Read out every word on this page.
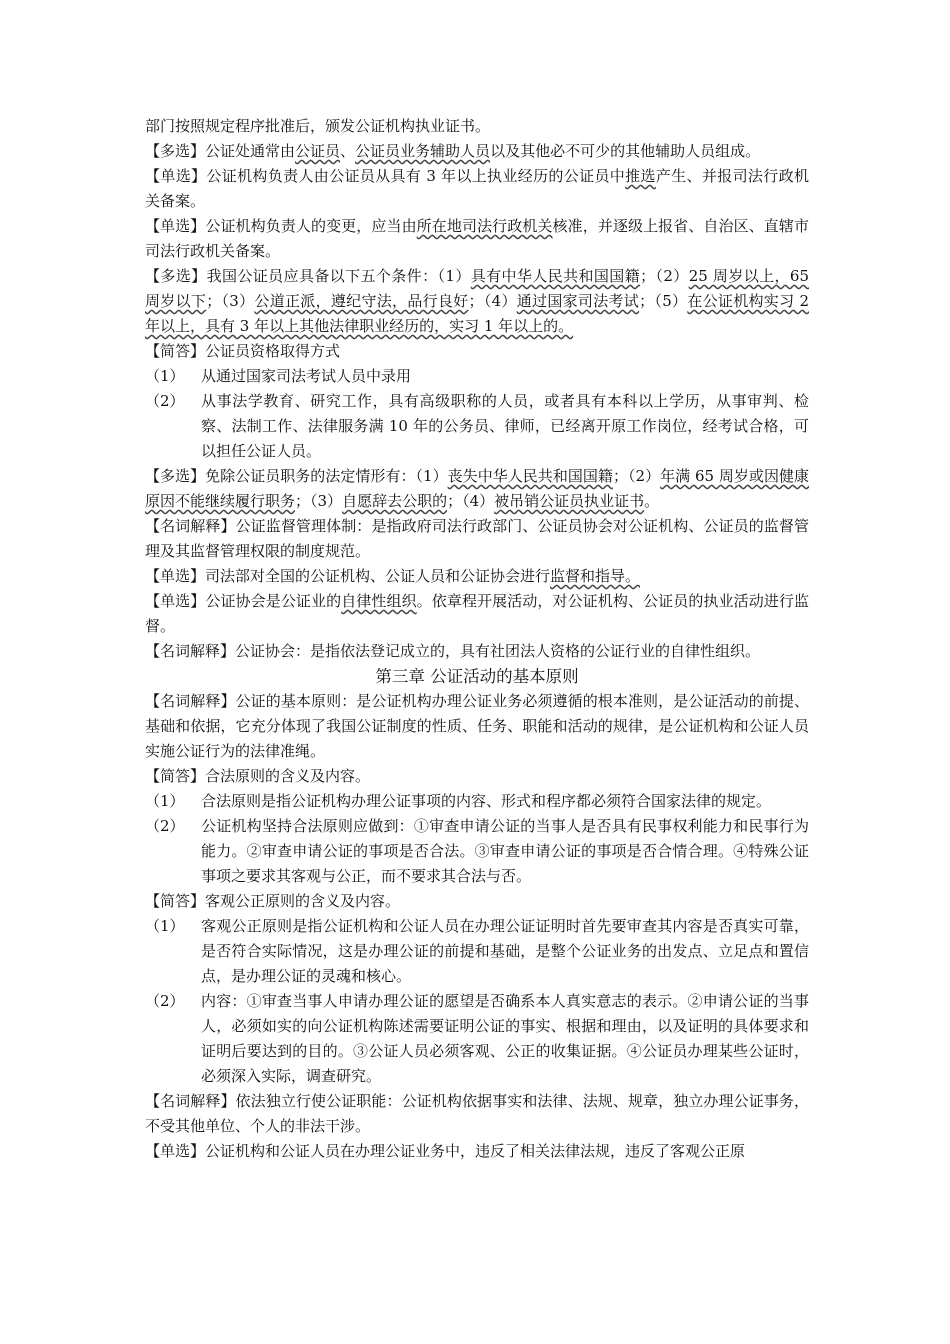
部门按照规定程序批准后，颁发公证机构执业证书。

【多选】公证处通常由公证员、公证员业务辅助人员以及其他必不可少的其他辅助人员组成。

【单选】公证机构负责人由公证员从具有 3 年以上执业经历的公证员中推选产生、并报司法行政机关备案。

【单选】公证机构负责人的变更，应当由所在地司法行政机关核准，并逐级上报省、自治区、直辖市司法行政机关备案。

【多选】我国公证员应具备以下五个条件：（1）具有中华人民共和国国籍；（2）25 周岁以上，65 周岁以下；（3）公道正派，遵纪守法，品行良好；（4）通过国家司法考试；（5）在公证机构实习 2 年以上，具有 3 年以上其他法律职业经历的，实习 1 年以上的。

【简答】公证员资格取得方式

（1）	从通过国家司法考试人员中录用
（2）	从事法学教育、研究工作，具有高级职称的人员，或者具有本科以上学历，从事审判、检察、法制工作、法律服务满 10 年的公务员、律师，已经离开原工作岗位，经考试合格，可以担任公证人员。

【多选】免除公证员职务的法定情形有：（1）丧失中华人民共和国国籍；（2）年满 65 周岁或因健康原因不能继续履行职务；（3）自愿辞去公职的；（4）被吊销公证员执业证书。

【名词解释】公证监督管理体制：是指政府司法行政部门、公证员协会对公证机构、公证员的监督管理及其监督管理权限的制度规范。

【单选】司法部对全国的公证机构、公证人员和公证协会进行监督和指导。

【单选】公证协会是公证业的自律性组织。依章程开展活动，对公证机构、公证员的执业活动进行监督。

【名词解释】公证协会：是指依法登记成立的，具有社团法人资格的公证行业的自律性组织。

第三章 公证活动的基本原则

【名词解释】公证的基本原则：是公证机构办理公证业务必须遵循的根本准则，是公证活动的前提、基础和依据，它充分体现了我国公证制度的性质、任务、职能和活动的规律，是公证机构和公证人员实施公证行为的法律准绳。

【简答】合法原则的含义及内容。

（1）	合法原则是指公证机构办理公证事项的内容、形式和程序都必须符合国家法律的规定。
（2）	公证机构坚持合法原则应做到：①审查申请公证的当事人是否具有民事权利能力和民事行为能力。②审查申请公证的事项是否合法。③审查申请公证的事项是否合情合理。④特殊公证事项之要求其客观与公正，而不要求其合法与否。

【简答】客观公正原则的含义及内容。

（1）	客观公正原则是指公证机构和公证人员在办理公证证明时首先要审查其内容是否真实可靠，是否符合实际情况，这是办理公证的前提和基础，是整个公证业务的出发点、立足点和置信点，是办理公证的灵魂和核心。
（2）	内容：①审查当事人申请办理公证的愿望是否确系本人真实意志的表示。②申请公证的当事人，必须如实的向公证机构陈述需要证明公证的事实、根据和理由，以及证明的具体要求和证明后要达到的目的。③公证人员必须客观、公正的收集证据。④公证员办理某些公证时，必须深入实际，调查研究。

【名词解释】依法独立行使公证职能：公证机构依据事实和法律、法规、规章，独立办理公证事务，不受其他单位、个人的非法干涉。

【单选】公证机构和公证人员在办理公证业务中，违反了相关法律法规，违反了客观公正原
